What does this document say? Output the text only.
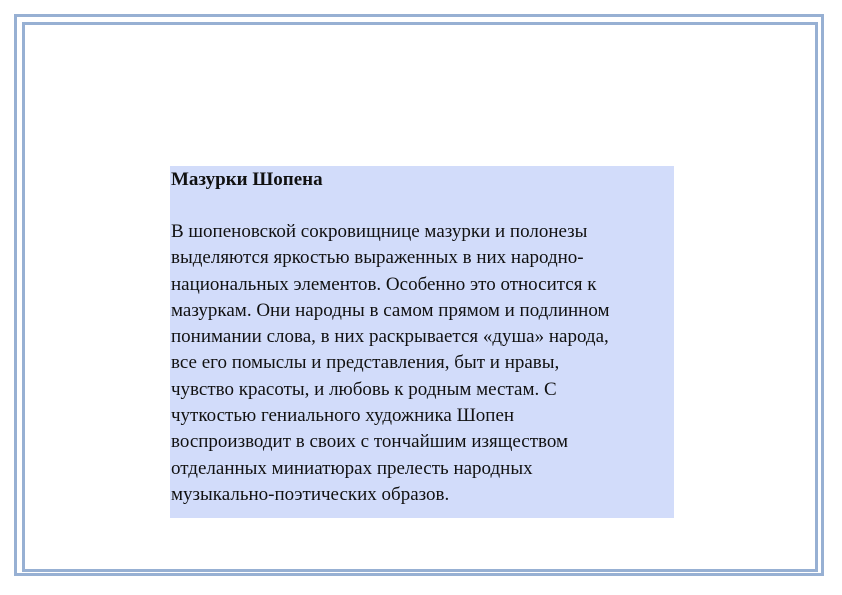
Мазурки Шопена

В шопеновской сокровищнице мазурки и полонезы

выделяются яркостью выраженных в них народно-

национальных элементов. Особенно это относится к

мазуркам. Они народны в самом прямом и подлинном

понимании слова, в них раскрывается «душа» народа,

все его помыслы и представления, быт и нравы,

чувство красоты, и любовь к родным местам. С

чуткостью гениального художника Шопен

воспроизводит в своих с тончайшим изяществом

отделанных миниатюрах прелесть народных

музыкально-поэтических образов.
